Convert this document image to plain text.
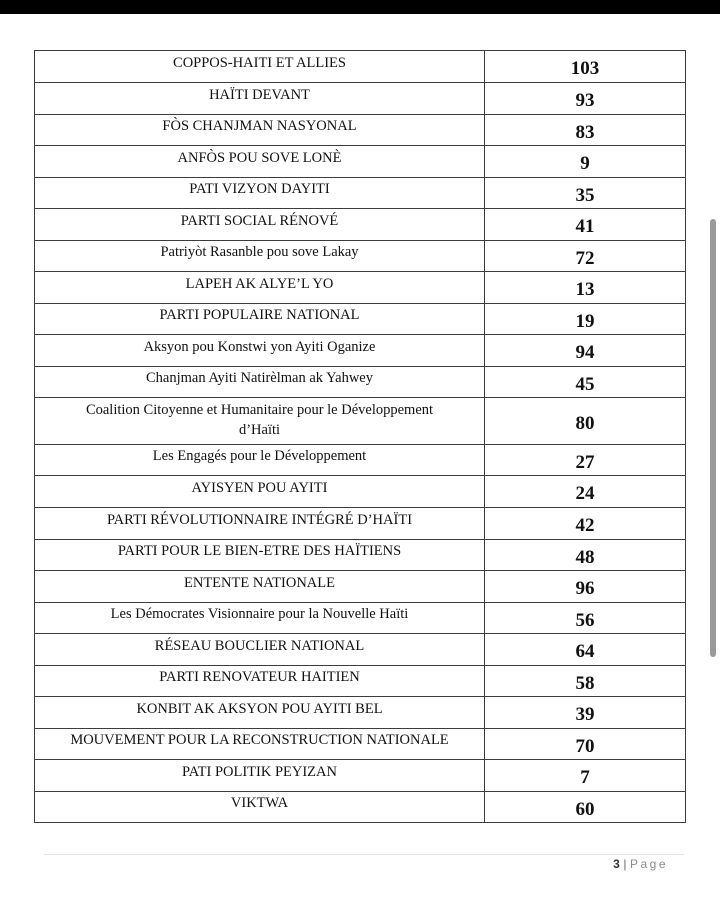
COPPOS-HAITI ET ALLIES	103

HAÏTI DEVANT	93

FÒS CHANJMAN NASYONAL	83

ANFÒS POU SOVE LONÈ	9

PATI VIZYON DAYITI	35

PARTI SOCIAL RÉNOVÉ	41

Patriyòt Rasanble pou sove Lakay	72

LAPEH AK ALYE’L YO	13

PARTI POPULAIRE NATIONAL	19

Aksyon pou Konstwi yon Ayiti Oganize	94

Chanjman Ayiti Natirèlman ak Yahwey	45

Coalition Citoyenne et Humanitaire pour le Développement
d’Haïti	80

Les Engagés pour le Développement	27

AYISYEN POU AYITI	24

PARTI RÉVOLUTIONNAIRE INTÉGRÉ D’HAÏTI	42

PARTI POUR LE BIEN-ETRE DES HAÏTIENS	48

ENTENTE NATIONALE	96

Les Démocrates Visionnaire pour la Nouvelle Haïti	56

RÉSEAU BOUCLIER NATIONAL	64

PARTI RENOVATEUR HAITIEN	58

KONBIT AK AKSYON POU AYITI BEL	39

MOUVEMENT POUR LA RECONSTRUCTION NATIONALE	70

PATI POLITIK PEYIZAN	7

VIKTWA	60
3 | Page
